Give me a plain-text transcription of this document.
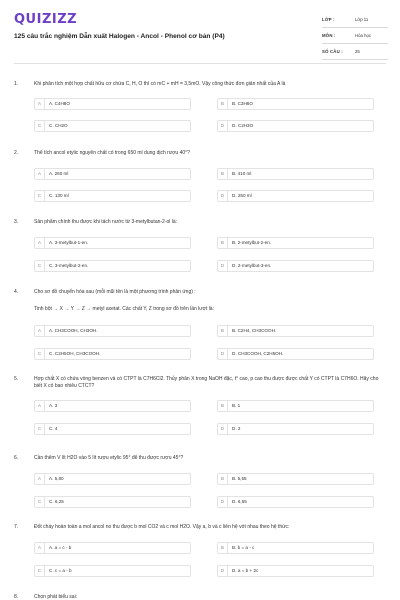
QUIZIZZ
125 câu trắc nghiệm Dẫn xuất Halogen - Ancol - Phenol cơ bản (P4)
LỚP :	Lớp 11
MÔN :	Hóa học
SỐ CÂU :	25
1.	Khi phân tích một hợp chất hữu cơ chứa C, H, O thì có mC + mH = 3,5mO. Vậy công thức đơn giản nhất của A là
A	A. C4H8O	B	B. C3H6O
C	C. CH2O	D	D. C2H3O
2.	Thể tích ancol etylic nguyên chất có trong 650 ml dung dịch rượu 40°?
A	A. 260 ml	B	B. 410 ml
C	C. 130 ml	D	D. 250 ml
3.	Sản phẩm chính thu được khi tách nước từ 3-metylbutan-2-ol là:
A	A. 3-metylbut-1-en.	B	B. 2-metylbut-2-en.
C	C. 3-metylbut-2-en.	D	D. 2-metylbut-3-en.
4.	Cho sơ đồ chuyển hóa sau (mỗi mũi tên là một phương trình phản ứng) :
Tinh bột → X → Y → Z → metyl axetat. Các chất Y, Z trong sơ đồ trên lần lượt là:
A	A. CH3COOH, CH3OH.	B	B. C2H4, CH3COOH.
C	C. C2H5OH, CH3COOH.	D	D. CH3COOH, C2H5OH.
5.	Hợp chất X có chứa vòng benzen và có CTPT là C7H6Cl2. Thủy phân X trong NaOH đặc, t° cao, p cao thu được được chất Y có CTPT là C7H6O. Hãy cho biết X có bao nhiêu CTCT?
A	A. 3	B	B. 1
C	C. 4	D	D. 2
6.	Cần thêm V lít H2O vào 5 lít rượu etylic 95° để thu được rượu 45°?
A	A. 5,80	B	B. 5,55
C	C. 6,25	D	D. 6,55
7.	Đốt cháy hoàn toàn a mol ancol no thu được b mol CO2 và c mol H2O. Vậy a, b và c liên hệ với nhau theo hệ thức:
A	A. a = c - b	B	B. b = a - c
C	C. c = a - b	D	D. a = b + 2c
8.	Chọn phát biểu sai:
